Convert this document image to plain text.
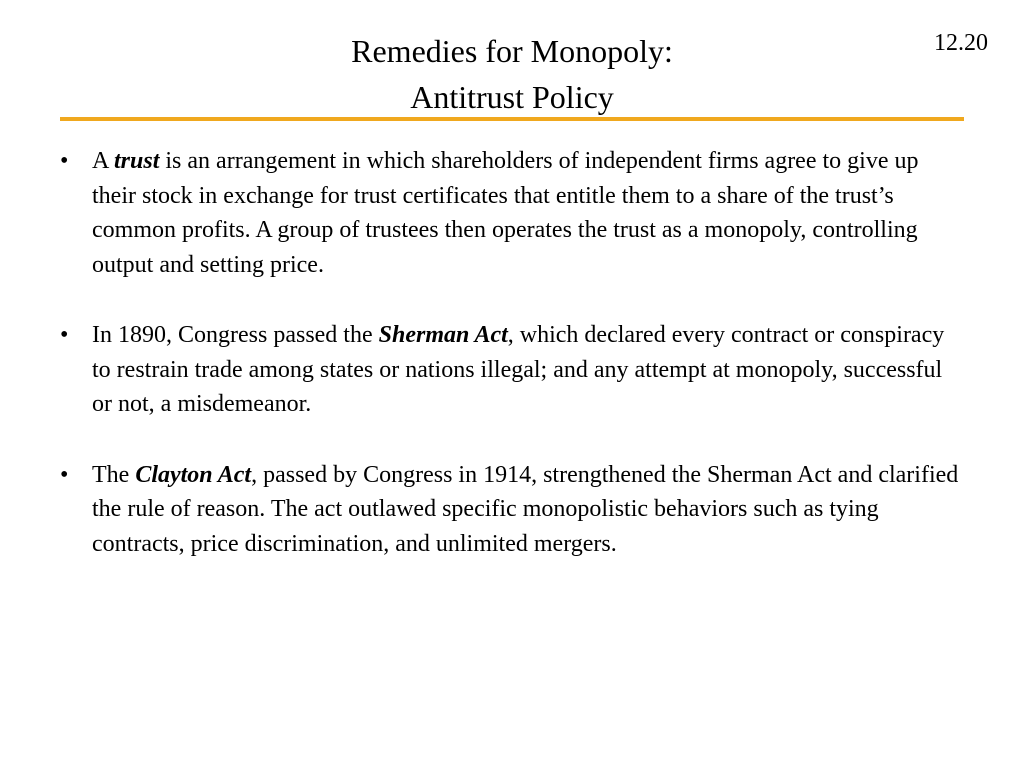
Remedies for Monopoly:
Antitrust Policy
12.20
• A trust is an arrangement in which shareholders of independent firms agree to give up their stock in exchange for trust certificates that entitle them to a share of the trust’s common profits. A group of trustees then operates the trust as a monopoly, controlling output and setting price.
• In 1890, Congress passed the Sherman Act, which declared every contract or conspiracy to restrain trade among states or nations illegal; and any attempt at monopoly, successful or not, a misdemeanor.
• The Clayton Act, passed by Congress in 1914, strengthened the Sherman Act and clarified the rule of reason. The act outlawed specific monopolistic behaviors such as tying contracts, price discrimination, and unlimited mergers.
